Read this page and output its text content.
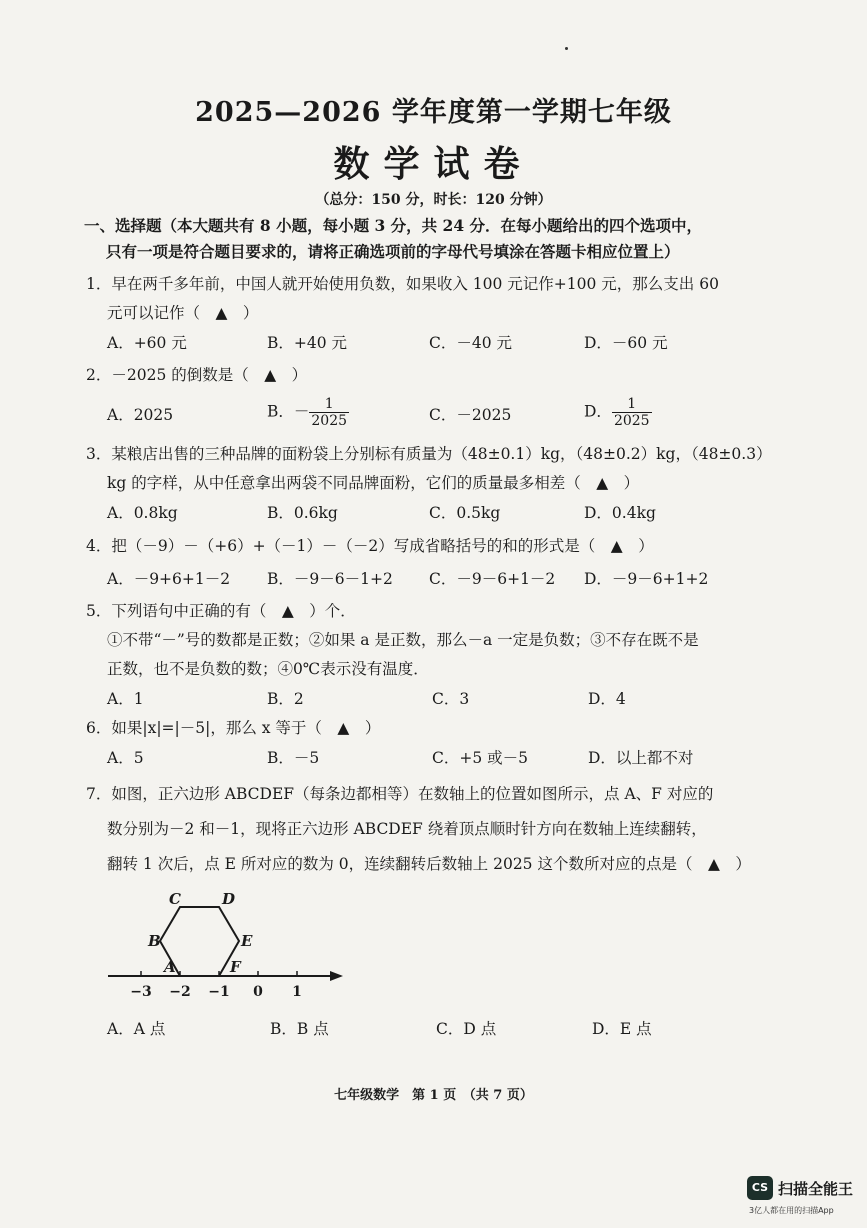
2025—2026 学年度第一学期七年级
数学试卷
（总分：150 分，时长：120 分钟）
一、选择题（本大题共有 8 小题，每小题 3 分，共 24 分．在每小题给出的四个选项中，
只有一项是符合题目要求的，请将正确选项前的字母代号填涂在答题卡相应位置上）
1．早在两千多年前，中国人就开始使用负数，如果收入 100 元记作+100 元，那么支出 60
元可以记作（　▲　）
A．+60 元	B．+40 元	C．－40 元	D．－60 元
2．－2025 的倒数是（　▲　）
A．2025	B．－ $\frac{1}{2025}$	C．－2025	D． $\frac{1}{2025}$
3．某粮店出售的三种品牌的面粉袋上分别标有质量为（48±0.1）kg，（48±0.2）kg，（48±0.3）
kg 的字样，从中任意拿出两袋不同品牌面粉，它们的质量最多相差（　▲　）
A．0.8kg	B．0.6kg	C．0.5kg	D．0.4kg
4．把（－9）－（+6）+（－1）－（－2）写成省略括号的和的形式是（　▲　）
A．－9+6+1－2 B．－9－6－1+2 C．－9－6+1－2 D．－9－6+1+2
5．下列语句中正确的有（　▲　）个．
①不带“－”号的数都是正数；②如果 a 是正数，那么－a 一定是负数；③不存在既不是
正数，也不是负数的数；④0℃表示没有温度．
A．1	B．2	C．3	D．4
6．如果|x|=|－5|，那么 x 等于（　▲　）
A．5	B．－5	C．+5 或－5	D．以上都不对
7．如图，正六边形 ABCDEF（每条边都相等）在数轴上的位置如图所示，点 A、F 对应的
数分别为－2 和－1，现将正六边形 ABCDEF 绕着顶点顺时针方向在数轴上连续翻转，
翻转 1 次后，点 E 所对应的数为 0，连续翻转后数轴上 2025 这个数所对应的点是（　▲　）
C	D
B	E
A	F
−3 −2 −1 0 1
A．A 点	B．B 点	C．D 点	D．E 点
七年级数学　第 1 页　（共 7 页）
CS 扫描全能王
3亿人都在用的扫描App
